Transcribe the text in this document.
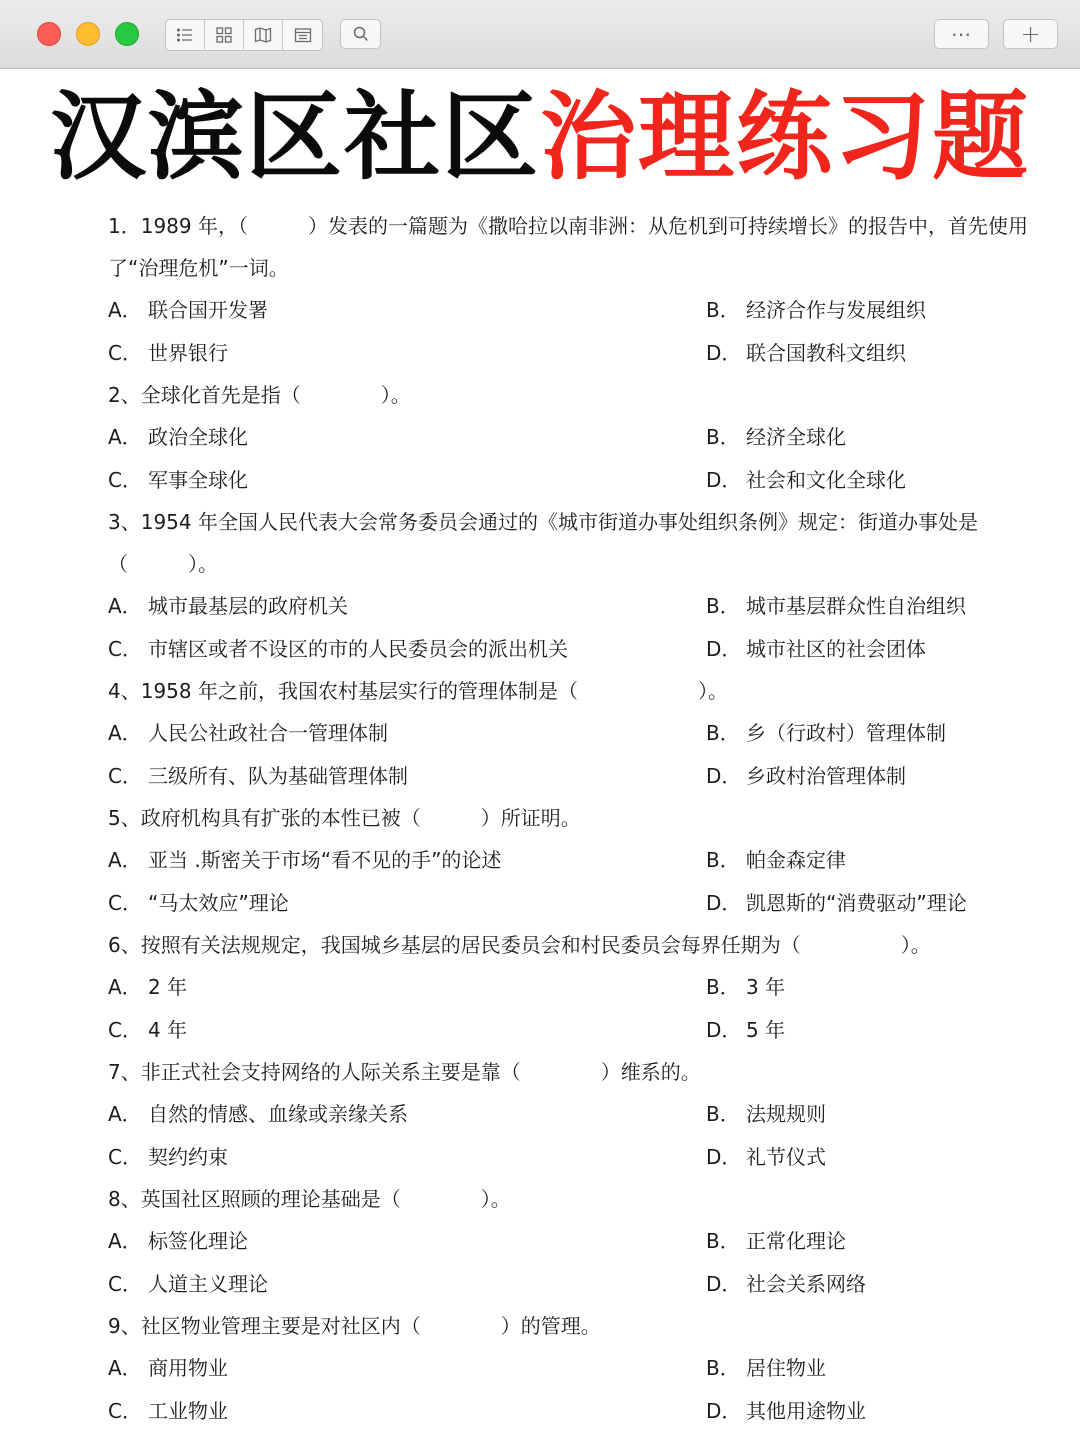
⋯ +
汉滨区社区治理练习题

1．1989 年，（　　　）发表的一篇题为《撒哈拉以南非洲：从危机到可持续增长》的报告中，首先使用了“治理危机”一词。

A． 联合国开发署	B． 经济合作与发展组织
C． 世界银行	D． 联合国教科文组织

2、全球化首先是指（　　　　）。

A． 政治全球化	B． 经济全球化
C． 军事全球化	D． 社会和文化全球化

3、1954 年全国人民代表大会常务委员会通过的《城市街道办事处组织条例》规定：街道办事处是（　　　）。

A． 城市最基层的政府机关	B． 城市基层群众性自治组织
C． 市辖区或者不设区的市的人民委员会的派出机关	D． 城市社区的社会团体

4、1958 年之前，我国农村基层实行的管理体制是（　　　　　　）。

A． 人民公社政社合一管理体制	B． 乡（行政村）管理体制
C． 三级所有、队为基础管理体制	D． 乡政村治管理体制

5、政府机构具有扩张的本性已被（　　　）所证明。

A． 亚当 .斯密关于市场“看不见的手”的论述	B． 帕金森定律
C． “马太效应”理论	D． 凯恩斯的“消费驱动”理论

6、按照有关法规规定，我国城乡基层的居民委员会和村民委员会每界任期为（　　　　　）。

A． 2 年	B． 3 年
C． 4 年	D． 5 年

7、非正式社会支持网络的人际关系主要是靠（　　　　）维系的。

A． 自然的情感、血缘或亲缘关系	B． 法规规则
C． 契约约束	D． 礼节仪式

8、英国社区照顾的理论基础是（　　　　）。

A． 标签化理论	B． 正常化理论
C． 人道主义理论	D． 社会关系网络

9、社区物业管理主要是对社区内（　　　　）的管理。

A． 商用物业	B． 居住物业
C． 工业物业	D． 其他用途物业
